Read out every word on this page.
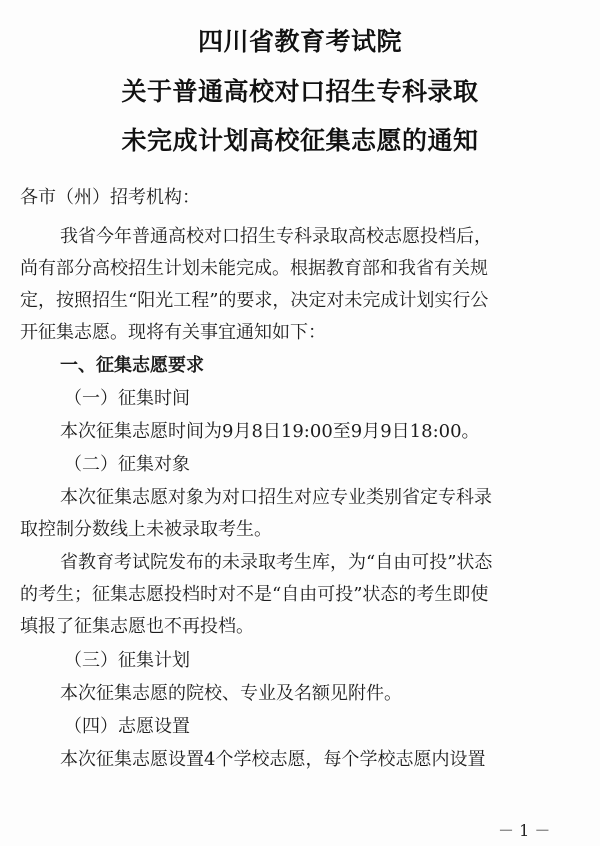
四川省教育考试院
关于普通高校对口招生专科录取
未完成计划高校征集志愿的通知
各市（州）招考机构：
我省今年普通高校对口招生专科录取高校志愿投档后，
尚有部分高校招生计划未能完成。根据教育部和我省有关规
定，按照招生“阳光工程”的要求，决定对未完成计划实行公
开征集志愿。现将有关事宜通知如下：
一、征集志愿要求
（一）征集时间
本次征集志愿时间为9月8日19:00至9月9日18:00。
（二）征集对象
本次征集志愿对象为对口招生对应专业类别省定专科录
取控制分数线上未被录取考生。
省教育考试院发布的未录取考生库，为“自由可投”状态
的考生；征集志愿投档时对不是“自由可投”状态的考生即使
填报了征集志愿也不再投档。
（三）征集计划
本次征集志愿的院校、专业及名额见附件。
（四）志愿设置
本次征集志愿设置4个学校志愿，每个学校志愿内设置
－ 1 －
